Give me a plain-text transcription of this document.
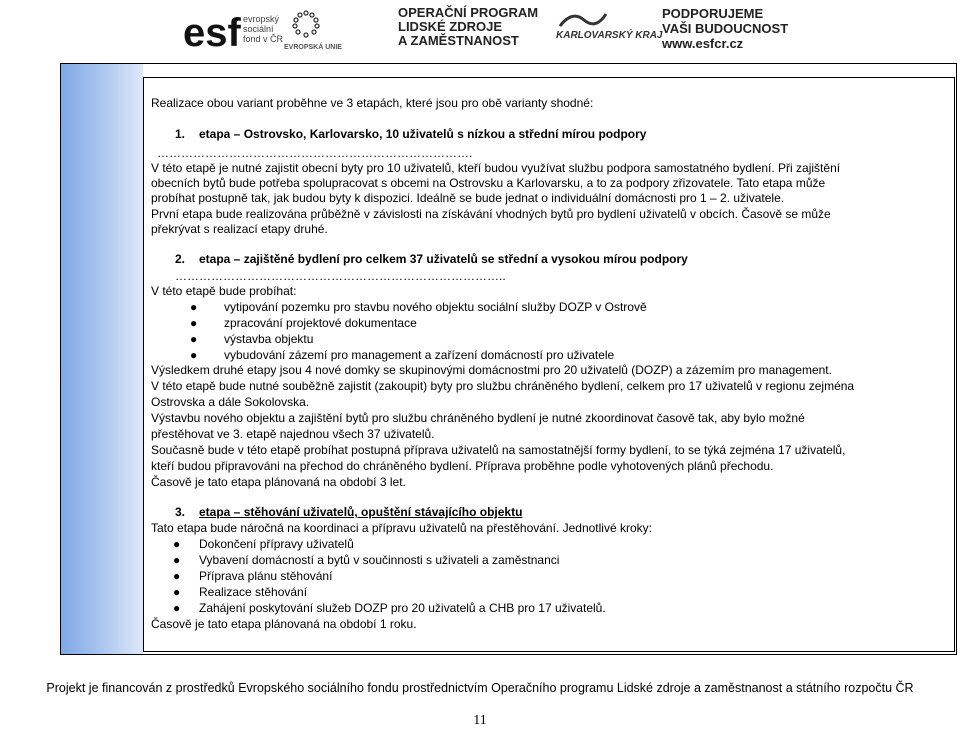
esf evropský
sociální
fond v ČR
EVROPSKÁ UNIE
OPERAČNÍ PROGRAM
LIDSKÉ ZDROJE
A ZAMĚSTNANOST	KARLOVARSKÝ KRAJ
PODPORUJEME
VAŠI BUDOUCNOST
www.esfcr.cz
Realizace obou variant proběhne ve 3 etapách, které jsou pro obě varianty shodné:
1. etapa – Ostrovsko, Karlovarsko, 10 uživatelů s nízkou a střední mírou podpory
…………………………………………………………………….
V této etapě je nutné zajistit obecní byty pro 10 uživatelů, kteří budou využívat službu podpora samostatného bydlení. Při zajištění
obecních bytů bude potřeba spolupracovat s obcemi na Ostrovsku a Karlovarsku, a to za podpory zřizovatele. Tato etapa může
probíhat postupně tak, jak budou byty k dispozici. Ideálně se bude jednat o individuální domácnosti pro 1 – 2. uživatele.
První etapa bude realizována průběžně v závislosti na získávání vhodných bytů pro bydlení uživatelů v obcích. Časově se může
překrývat s realizací etapy druhé.
2. etapa – zajištěné bydlení pro celkem 37 uživatelů se střední a vysokou mírou podpory
………………………………………………………………………..
V této etapě bude probíhat:
● vytipování pozemku pro stavbu nového objektu sociální služby DOZP v Ostrově
● zpracování projektové dokumentace
● výstavba objektu
● vybudování zázemí pro management a zařízení domácností pro uživatele
Výsledkem druhé etapy jsou 4 nové domky se skupinovými domácnostmi pro 20 uživatelů (DOZP) a zázemím pro management.
V této etapě bude nutné souběžně zajistit (zakoupit) byty pro službu chráněného bydlení, celkem pro 17 uživatelů v regionu zejména
Ostrovska a dále Sokolovska.
Výstavbu nového objektu a zajištění bytů pro službu chráněného bydlení je nutné zkoordinovat časově tak, aby bylo možné
přestěhovat ve 3. etapě najednou všech 37 uživatelů.
Současně bude v této etapě probíhat postupná příprava uživatelů na samostatnější formy bydlení, to se týká zejména 17 uživatelů,
kteří budou připravováni na přechod do chráněného bydlení. Příprava proběhne podle vyhotovených plánů přechodu.
Časově je tato etapa plánovaná na období 3 let.
3. etapa – stěhování uživatelů, opuštění stávajícího objektu
Tato etapa bude náročná na koordinaci a přípravu uživatelů na přestěhování. Jednotlivé kroky:
● Dokončení přípravy uživatelů
● Vybavení domácností a bytů v součinnosti s uživateli a zaměstnanci
● Příprava plánu stěhování
● Realizace stěhování
● Zahájení poskytování služeb DOZP pro 20 uživatelů a CHB pro 17 uživatelů.
Časově je tato etapa plánovaná na období 1 roku.
Projekt je financován z prostředků Evropského sociálního fondu prostřednictvím Operačního programu Lidské zdroje a zaměstnanost a státního rozpočtu ČR
11
